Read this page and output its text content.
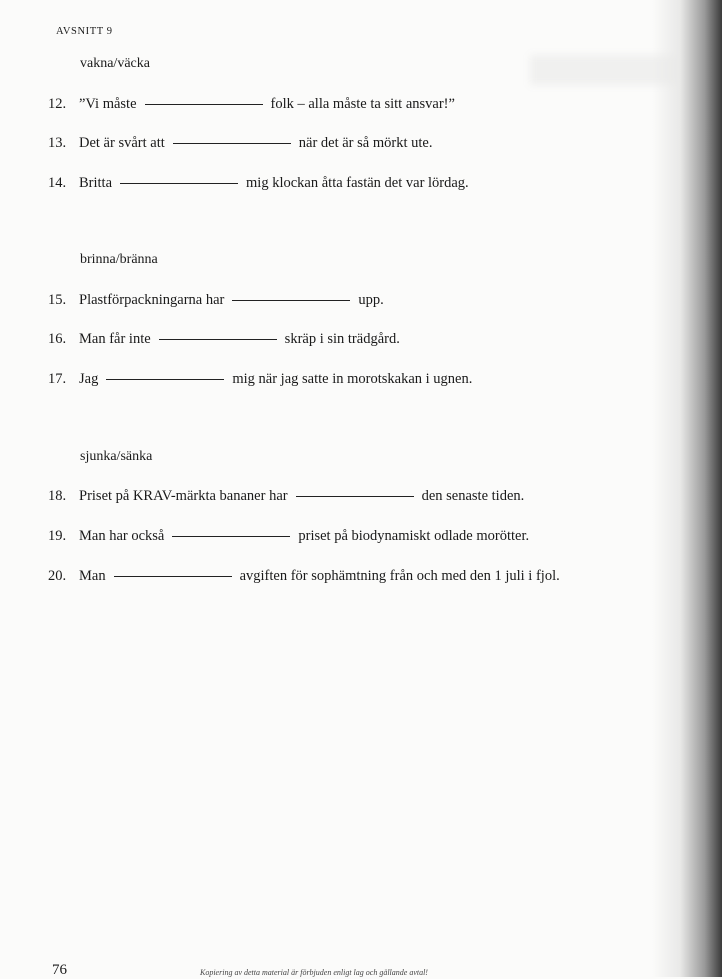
AVSNITT 9
vakna/väcka
12. ”Vi måste	folk – alla måste ta sitt ansvar!”
13. Det är svårt att	när det är så mörkt ute.
14. Britta	mig klockan åtta fastän det var lördag.
brinna/bränna
15. Plastförpackningarna har	upp.
16. Man får inte	skräp i sin trädgård.
17. Jag	mig när jag satte in morotskakan i ugnen.
sjunka/sänka
18. Priset på KRAV-märkta bananer har	den senaste tiden.
19. Man har också	priset på biodynamiskt odlade morötter.
20. Man	avgiften för sophämtning från och med den 1 juli i fjol.
76	Kopiering av detta material är förbjuden enligt lag och gällande avtal!
